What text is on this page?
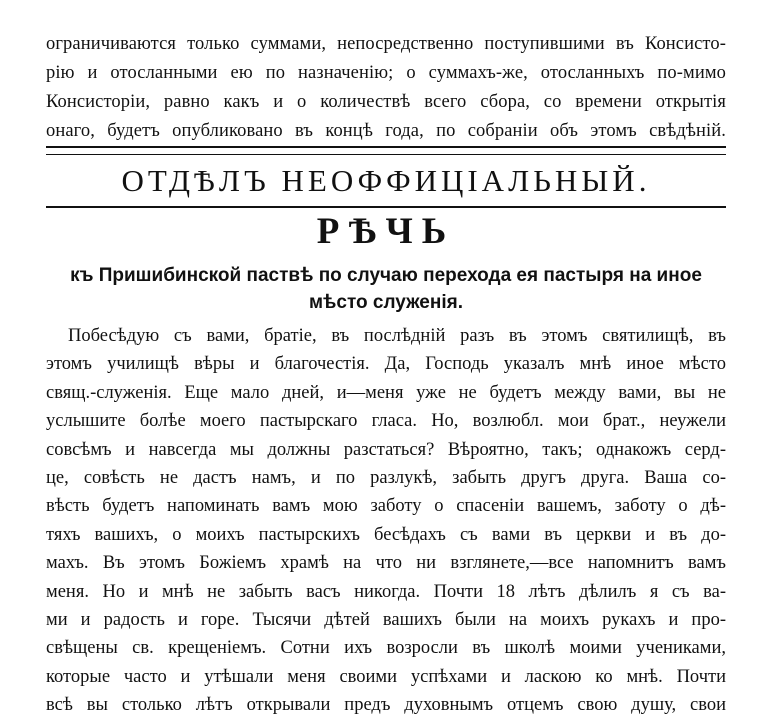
ограничиваются только суммами, непосредственно поступившими въ Консисто-
рію и отосланными ею по назначенію; о суммахъ-же, отосланныхъ по-мимо
Консисторіи, равно какъ и о количествѣ всего сбора, со времени открытія
онаго, будетъ опубликовано въ концѣ года, по собраніи объ этомъ свѣдѣній.
ОТДѢЛЪ НЕОФФИЦІАЛЬНЫЙ.
РѢЧЬ
къ Пришибинской паствѣ по случаю перехода ея пастыря на иное
мѣсто служенія.
Побесѣдую съ вами, братіе, въ послѣдній разъ въ этомъ святилищѣ, въ
этомъ училищѣ вѣры и благочестія. Да, Господь указалъ мнѣ иное мѣсто
свящ.-служенія. Еще мало дней, и—меня уже не будетъ между вами, вы не
услышите болѣе моего пастырскаго гласа. Но, возлюбл. мои брат., неужели
совсѣмъ и навсегда мы должны разстаться? Вѣроятно, такъ; однакожъ серд-
це, совѣсть не дастъ намъ, и по разлукѣ, забыть другъ друга. Ваша со-
вѣсть будетъ напоминать вамъ мою заботу о спасеніи вашемъ, заботу о дѣ-
тяхъ вашихъ, о моихъ пастырскихъ бесѣдахъ съ вами въ церкви и въ до-
махъ. Въ этомъ Божіемъ храмѣ на что ни взглянете,—все напомнитъ вамъ
меня. Но и мнѣ не забыть васъ никогда. Почти 18 лѣтъ дѣлилъ я съ ва-
ми и радость и горе. Тысячи дѣтей вашихъ были на моихъ рукахъ и про-
свѣщены св. крещеніемъ. Сотни ихъ возросли въ школѣ моими учениками,
которые часто и утѣшали меня своими успѣхами и ласкою ко мнѣ. Почти
всѣ вы столько лѣтъ открывали предъ духовнымъ отцемъ свою душу, свои
